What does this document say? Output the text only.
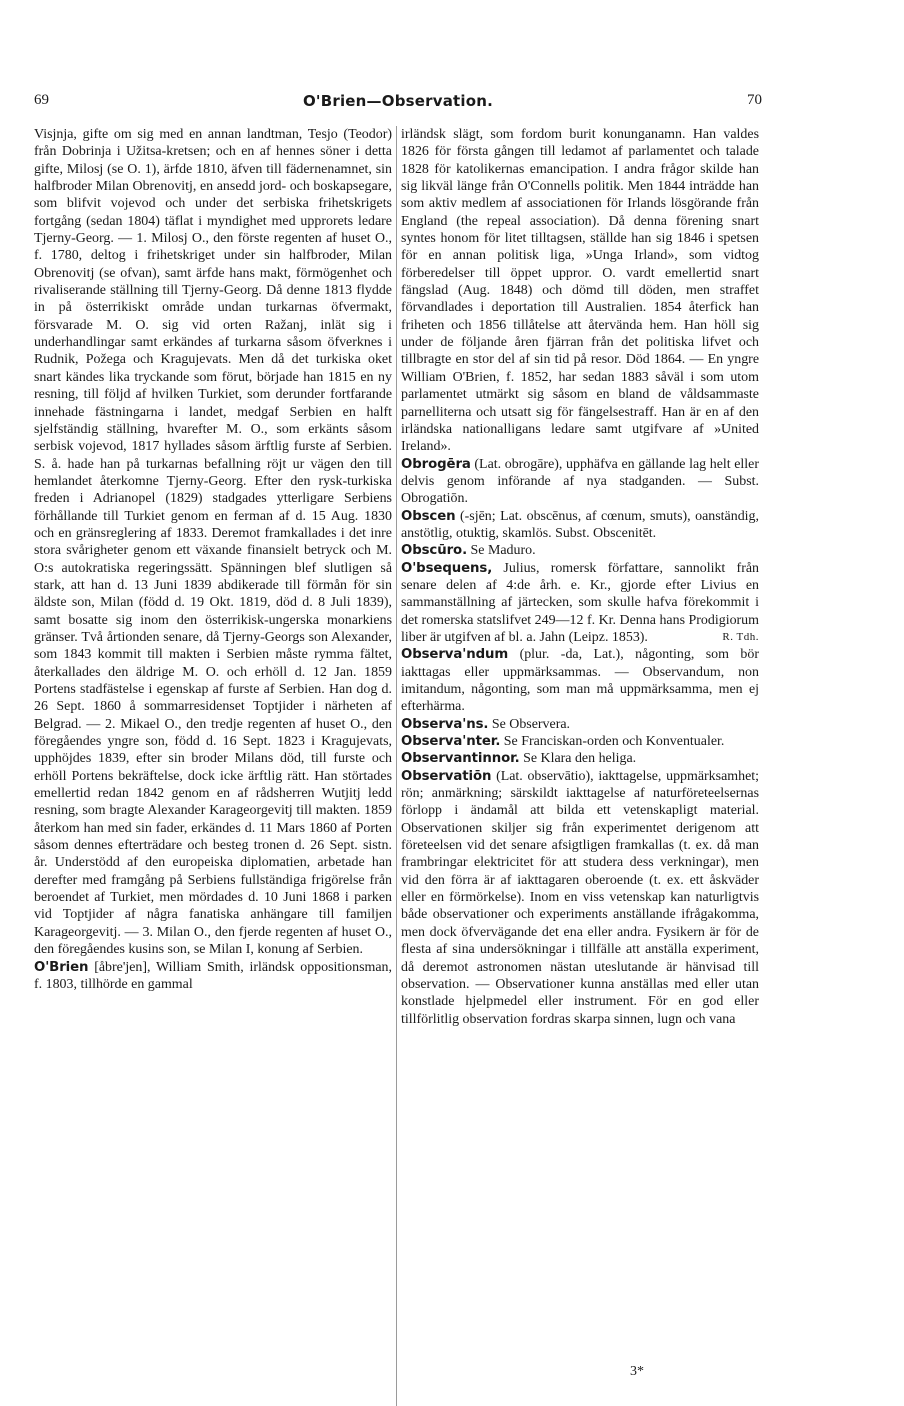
69	O'Brien—Observation.	70

Visjnja, gifte om sig med en annan landtman, Tesjo (Teodor) från Dobrinja i Užitsa-kretsen; och en af hennes söner i detta gifte, Milosj (se O. 1), ärfde 1810, äfven till fädernenamnet, sin halfbroder Milan Obrenovitj, en ansedd jord- och boskapsegare, som blifvit vojevod och under det serbiska frihetskrigets fortgång (sedan 1804) täflat i myndighet med upprorets ledare Tjerny-Georg. — 1. Milosj O., den förste regenten af huset O., f. 1780, deltog i frihetskriget under sin halfbroder, Milan Obrenovitj (se ofvan), samt ärfde hans makt, förmögenhet och rivaliserande ställning till Tjerny-Georg. Då denne 1813 flydde in på österrikiskt område undan turkarnas öfvermakt, försvarade M. O. sig vid orten Ražanj, inlät sig i underhandlingar samt erkändes af turkarna såsom öfverknes i Rudnik, Požega och Kragujevats. Men då det turkiska oket snart kändes lika tryckande som förut, började han 1815 en ny resning, till följd af hvilken Turkiet, som derunder fortfarande innehade fästningarna i landet, medgaf Serbien en halft sjelfständig ställning, hvarefter M. O., som erkänts såsom serbisk vojevod, 1817 hyllades såsom ärftlig furste af Serbien. S. å. hade han på turkarnas befallning röjt ur vägen den till hemlandet återkomne Tjerny-Georg. Efter den rysk-turkiska freden i Adrianopel (1829) stadgades ytterligare Serbiens förhållande till Turkiet genom en ferman af d. 15 Aug. 1830 och en gränsreglering af 1833. Deremot framkallades i det inre stora svårigheter genom ett växande finansielt betryck och M. O:s autokratiska regeringssätt. Spänningen blef slutligen så stark, att han d. 13 Juni 1839 abdikerade till förmån för sin äldste son, Milan (född d. 19 Okt. 1819, död d. 8 Juli 1839), samt bosatte sig inom den österrikisk-ungerska monarkiens gränser. Två årtionden senare, då Tjerny-Georgs son Alexander, som 1843 kommit till makten i Serbien måste rymma fältet, återkallades den äldrige M. O. och erhöll d. 12 Jan. 1859 Portens stadfästelse i egenskap af furste af Serbien. Han dog d. 26 Sept. 1860 å sommarresidenset Toptjider i närheten af Belgrad. — 2. Mikael O., den tredje regenten af huset O., den föregåendes yngre son, född d. 16 Sept. 1823 i Kragujevats, upphöjdes 1839, efter sin broder Milans död, till furste och erhöll Portens bekräftelse, dock icke ärftlig rätt. Han störtades emellertid redan 1842 genom en af rådsherren Wutjitj ledd resning, som bragte Alexander Karageorgevitj till makten. 1859 återkom han med sin fader, erkändes d. 11 Mars 1860 af Porten såsom dennes efterträdare och besteg tronen d. 26 Sept. sistn. år. Understödd af den europeiska diplomatien, arbetade han derefter med framgång på Serbiens fullständiga frigörelse från beroendet af Turkiet, men mördades d. 10 Juni 1868 i parken vid Toptjider af några fanatiska anhängare till familjen Karageorgevitj. — 3. Milan O., den fjerde regenten af huset O., den föregåendes kusins son, se Milan I, konung af Serbien.

O'Brien [åbre'jen], William Smith, irländsk oppositionsman, f. 1803, tillhörde en gammal

irländsk slägt, som fordom burit konunganamn. Han valdes 1826 för första gången till ledamot af parlamentet och talade 1828 för katolikernas emancipation. I andra frågor skilde han sig likväl länge från O'Connells politik. Men 1844 inträdde han som aktiv medlem af associationen för Irlands lösgörande från England (the repeal association). Då denna förening snart syntes honom för litet tilltagsen, ställde han sig 1846 i spetsen för en annan politisk liga, »Unga Irland», som vidtog förberedelser till öppet uppror. O. vardt emellertid snart fängslad (Aug. 1848) och dömd till döden, men straffet förvandlades i deportation till Australien. 1854 återfick han friheten och 1856 tillåtelse att återvända hem. Han höll sig under de följande åren fjärran från det politiska lifvet och tillbragte en stor del af sin tid på resor. Död 1864. — En yngre William O'Brien, f. 1852, har sedan 1883 såväl i som utom parlamentet utmärkt sig såsom en bland de våldsammaste parnelliterna och utsatt sig för fängelsestraff. Han är en af den irländska nationalligans ledare samt utgifvare af »United Ireland».

Obrogēra (Lat. obrogāre), upphäfva en gällande lag helt eller delvis genom införande af nya stadganden. — Subst. Obrogatiōn.

Obscen (-sjēn; Lat. obscēnus, af cœnum, smuts), oanständig, anstötlig, otuktig, skamlös. Subst. Obscenitēt.

Obscūro. Se Maduro.

O'bsequens, Julius, romersk författare, sannolikt från senare delen af 4:de årh. e. Kr., gjorde efter Livius en sammanställning af järtecken, som skulle hafva förekommit i det romerska statslifvet 249—12 f. Kr. Denna hans Prodigiorum liber är utgifven af bl. a. Jahn (Leipz. 1853).	R. Tdh.

Observa'ndum (plur. -da, Lat.), någonting, som bör iakttagas eller uppmärksammas. — Observandum, non imitandum, någonting, som man må uppmärksamma, men ej efterhärma.

Observa'ns. Se Observera.

Observa'nter. Se Franciskan-orden och Konventualer.

Observantinnor. Se Klara den heliga.

Observatiōn (Lat. observātio), iakttagelse, uppmärksamhet; rön; anmärkning; särskildt iakttagelse af naturföreteelsernas förlopp i ändamål att bilda ett vetenskapligt material. Observationen skiljer sig från experimentet derigenom att företeelsen vid det senare afsigtligen framkallas (t. ex. då man frambringar elektricitet för att studera dess verkningar), men vid den förra är af iakttagaren oberoende (t. ex. ett åskväder eller en förmörkelse). Inom en viss vetenskap kan naturligtvis både observationer och experiments anställande ifrågakomma, men dock öfvervägande det ena eller andra. Fysikern är för de flesta af sina undersökningar i tillfälle att anställa experiment, då deremot astronomen nästan uteslutande är hänvisad till observation. — Observationer kunna anställas med eller utan konstlade hjelpmedel eller instrument. För en god eller tillförlitlig observation fordras skarpa sinnen, lugn och vana

3*
